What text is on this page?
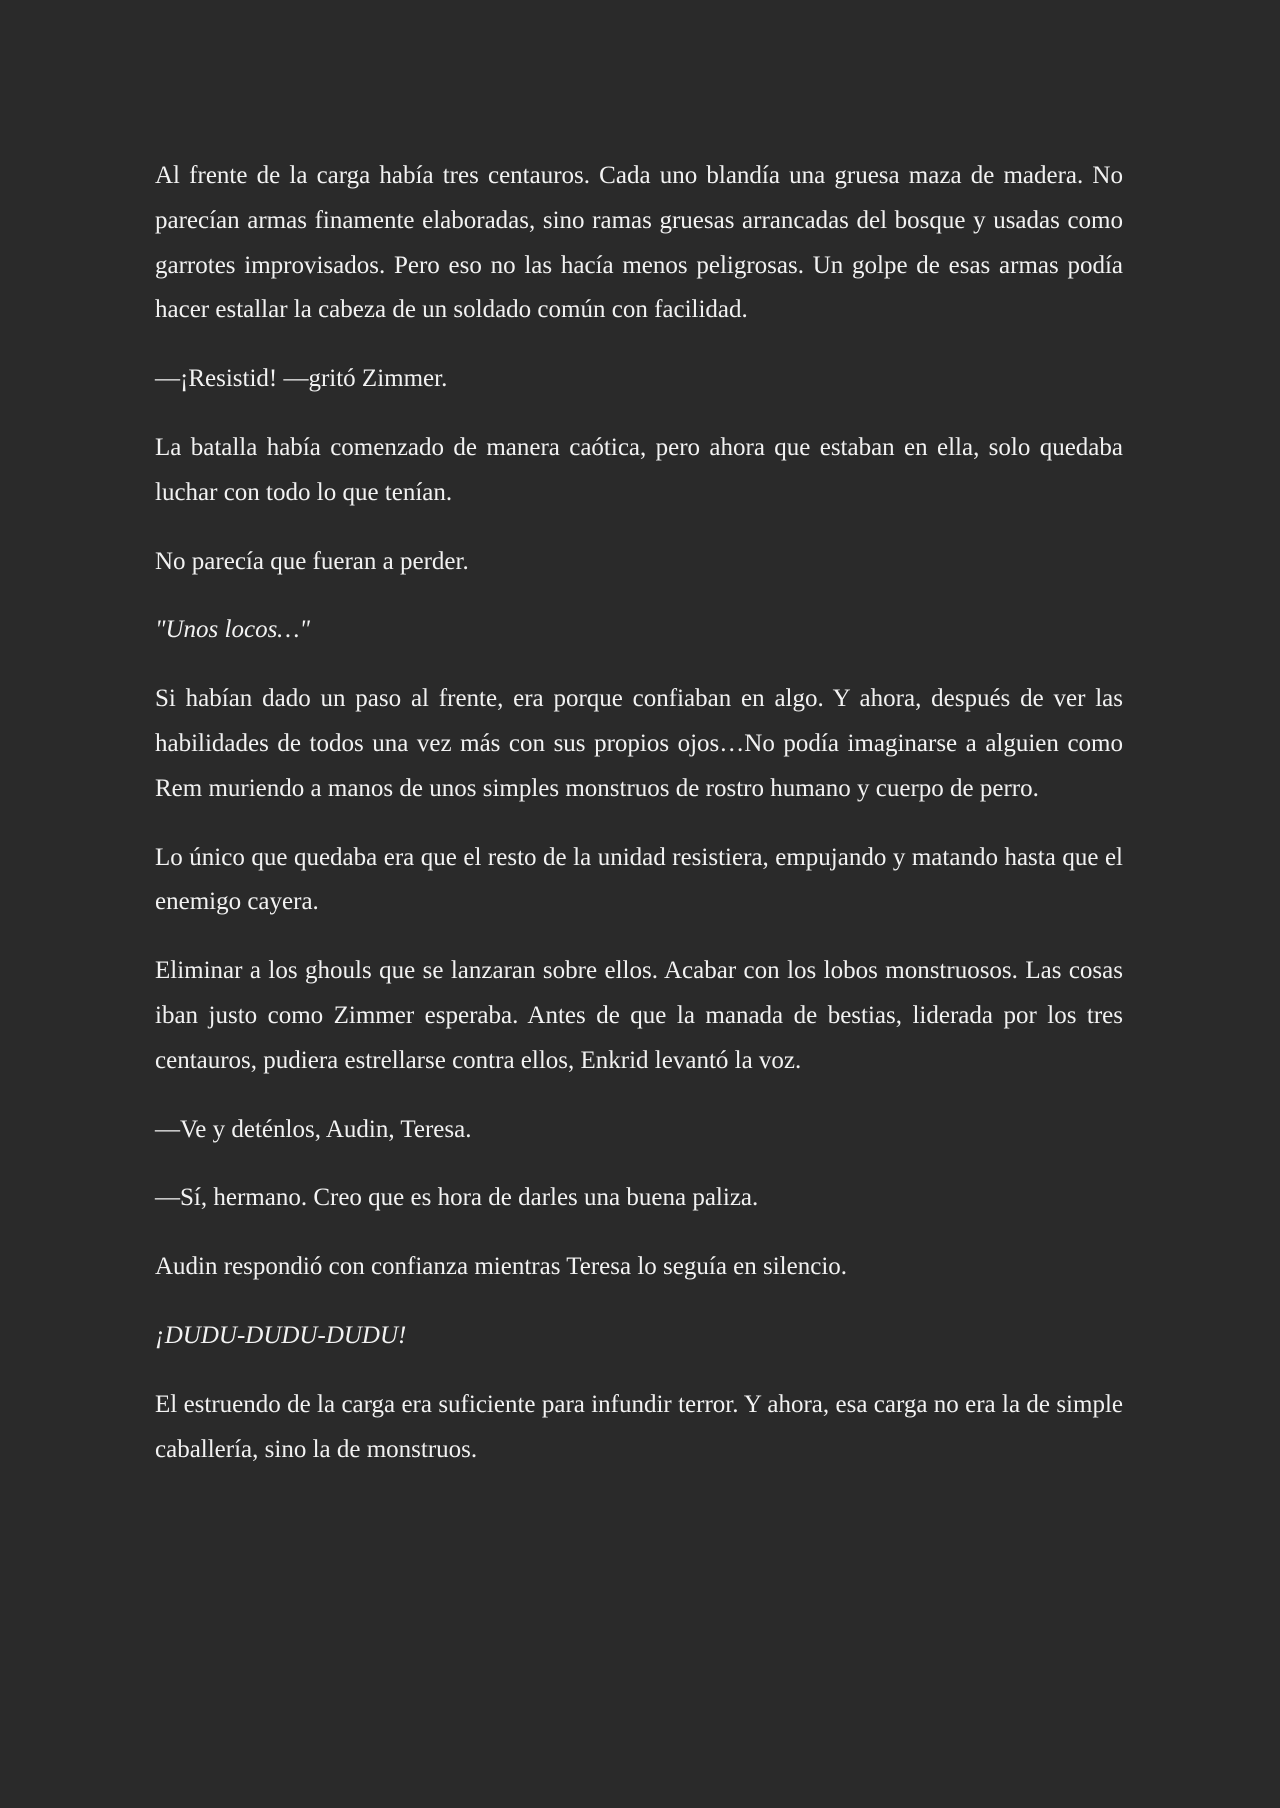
Al frente de la carga había tres centauros. Cada uno blandía una gruesa maza de madera. No parecían armas finamente elaboradas, sino ramas gruesas arrancadas del bosque y usadas como garrotes improvisados. Pero eso no las hacía menos peligrosas. Un golpe de esas armas podía hacer estallar la cabeza de un soldado común con facilidad.

—¡Resistid! —gritó Zimmer.

La batalla había comenzado de manera caótica, pero ahora que estaban en ella, solo quedaba luchar con todo lo que tenían.

No parecía que fueran a perder.

"Unos locos…"

Si habían dado un paso al frente, era porque confiaban en algo. Y ahora, después de ver las habilidades de todos una vez más con sus propios ojos…No podía imaginarse a alguien como Rem muriendo a manos de unos simples monstruos de rostro humano y cuerpo de perro.

Lo único que quedaba era que el resto de la unidad resistiera, empujando y matando hasta que el enemigo cayera.

Eliminar a los ghouls que se lanzaran sobre ellos. Acabar con los lobos monstruosos. Las cosas iban justo como Zimmer esperaba. Antes de que la manada de bestias, liderada por los tres centauros, pudiera estrellarse contra ellos, Enkrid levantó la voz.

—Ve y deténlos, Audin, Teresa.

—Sí, hermano. Creo que es hora de darles una buena paliza.

Audin respondió con confianza mientras Teresa lo seguía en silencio.

¡DUDU-DUDU-DUDU!

El estruendo de la carga era suficiente para infundir terror. Y ahora, esa carga no era la de simple caballería, sino la de monstruos.
